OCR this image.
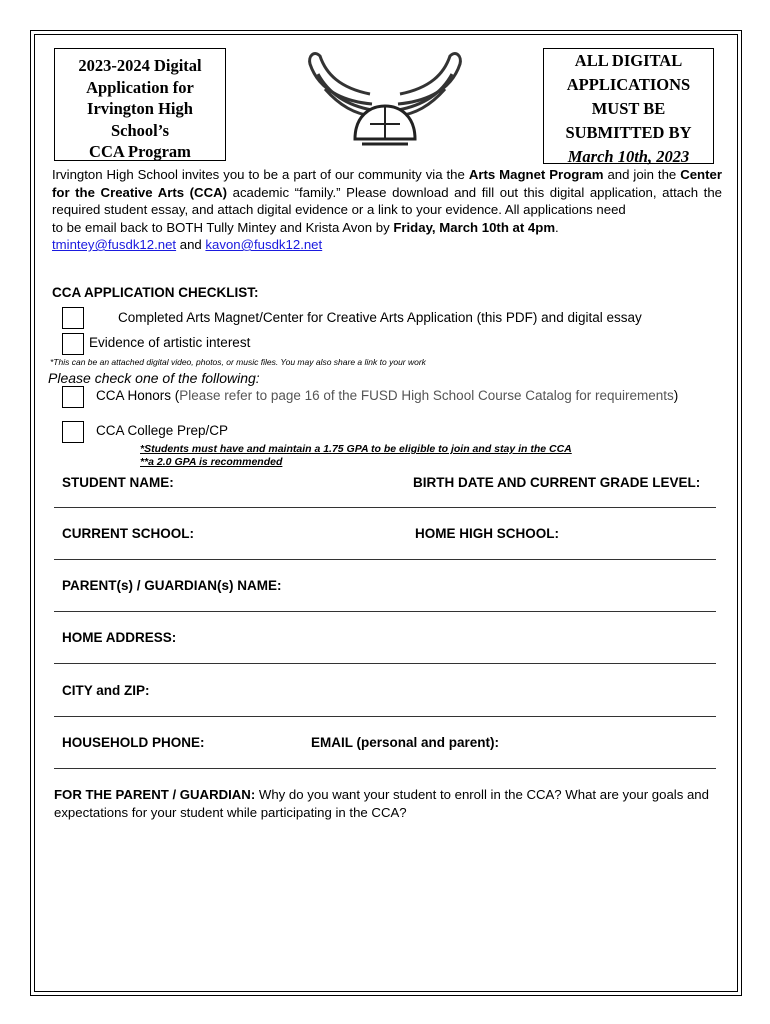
2023-2024 Digital
Application for
Irvington High
School’s
CCA Program
ALL DIGITAL
APPLICATIONS
MUST BE
SUBMITTED BY
March 10th, 2023
Irvington High School invites you to be a part of our community via the Arts Magnet Program and join the Center for the Creative Arts (CCA) academic “family.” Please download and fill out this digital application, attach the required student essay, and attach digital evidence or a link to your evidence. All applications need
to be email back to BOTH Tully Mintey and Krista Avon by Friday, March 10th at 4pm.
tmintey@fusdk12.net and kavon@fusdk12.net
CCA APPLICATION CHECKLIST:
Completed Arts Magnet/Center for Creative Arts Application (this PDF) and digital essay
Evidence of artistic interest
*This can be an attached digital video, photos, or music files. You may also share a link to your work
Please check one of the following:
CCA Honors (Please refer to page 16 of the FUSD High School Course Catalog for requirements)
CCA College Prep/CP
*Students must have and maintain a 1.75 GPA to be eligible to join and stay in the CCA
**a 2.0 GPA is recommended
STUDENT NAME:	BIRTH DATE AND CURRENT GRADE LEVEL:
CURRENT SCHOOL:	HOME HIGH SCHOOL:
PARENT(s) / GUARDIAN(s) NAME:
HOME ADDRESS:
CITY and ZIP:
HOUSEHOLD PHONE:	EMAIL (personal and parent):
FOR THE PARENT / GUARDIAN: Why do you want your student to enroll in the CCA? What are your goals and expectations for your student while participating in the CCA?
